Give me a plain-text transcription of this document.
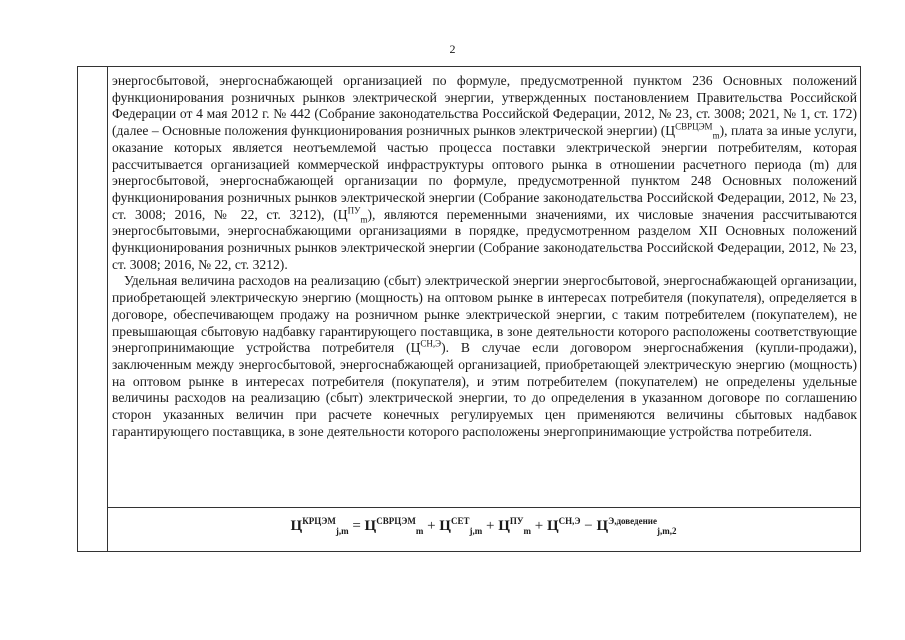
2

энергосбытовой, энергоснабжающей организацией по формуле, предусмотренной пунктом 236 Основных положений функционирования розничных рынков электрической энергии, утвержденных постановлением Правительства Российской Федерации от 4 мая 2012 г. № 442 (Собрание законодательства Российской Федерации, 2012, № 23, ст. 3008; 2021, № 1, ст. 172) (далее – Основные положения функционирования розничных рынков электрической энергии) $(Ц^{СВРЦЭМ}_m)$, плата за иные услуги, оказание которых является неотъемлемой частью процесса поставки электрической энергии потребителям, которая рассчитывается организацией коммерческой инфраструктуры оптового рынка в отношении расчетного периода (m) для энергосбытовой, энергоснабжающей организации по формуле, предусмотренной пунктом 248 Основных положений функционирования розничных рынков электрической энергии (Собрание законодательства Российской Федерации, 2012, № 23, ст. 3008; 2016, № 22, ст. 3212), $(Ц^{ПУ}_m)$, являются переменными значениями, их числовые значения рассчитываются энергосбытовыми, энергоснабжающими организациями в порядке, предусмотренном разделом XII Основных положений функционирования розничных рынков электрической энергии (Собрание законодательства Российской Федерации, 2012, № 23, ст. 3008; 2016, № 22, ст. 3212).

Удельная величина расходов на реализацию (сбыт) электрической энергии энергосбытовой, энергоснабжающей организации, приобретающей электрическую энергию (мощность) на оптовом рынке в интересах потребителя (покупателя), определяется в договоре, обеспечивающем продажу на розничном рынке электрической энергии, с таким потребителем (покупателем), не превышающая сбытовую надбавку гарантирующего поставщика, в зоне деятельности которого расположены соответствующие энергопринимающие устройства потребителя $(Ц^{СН,Э})$. В случае если договором энергоснабжения (купли-продажи), заключенным между энергосбытовой, энергоснабжающей организацией, приобретающей электрическую энергию (мощность) на оптовом рынке в интересах потребителя (покупателя), и этим потребителем (покупателем) не определены удельные величины расходов на реализацию (сбыт) электрической энергии, то до определения в указанном договоре по соглашению сторон указанных величин при расчете конечных регулируемых цен применяются величины сбытовых надбавок гарантирующего поставщика, в зоне деятельности которого расположены энергопринимающие устройства потребителя.

$Ц^{КРЦЭМ}_{j,m} = Ц^{СВРЦЭМ}_m + Ц^{СЕТ}_{j,m} + Ц^{ПУ}_m + Ц^{СН,Э} - Ц^{Э,доведение}_{j,m,2}$
